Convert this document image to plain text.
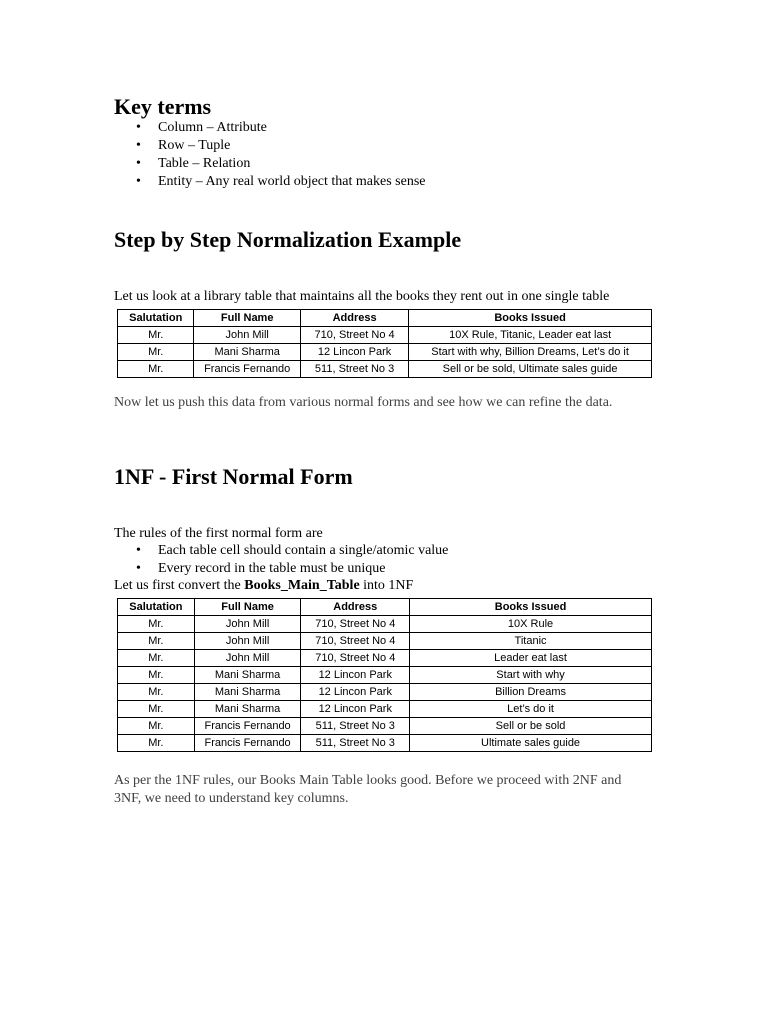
Key terms
• Column – Attribute
• Row – Tuple
• Table – Relation
• Entity – Any real world object that makes sense
Step by Step Normalization Example

Let us look at a library table that maintains all the books they rent out in one single table

Salutation	Full Name	Address	Books Issued
Mr.	John Mill	710, Street No 4	10X Rule, Titanic, Leader eat last
Mr.	Mani Sharma	12 Lincon Park	Start with why, Billion Dreams, Let’s do it
Mr.	Francis Fernando	511, Street No 3	Sell or be sold, Ultimate sales guide

Now let us push this data from various normal forms and see how we can refine the data.

1NF - First Normal Form

The rules of the first normal form are

• Each table cell should contain a single/atomic value
• Every record in the table must be unique

Let us first convert the Books_Main_Table into 1NF

Salutation	Full Name	Address	Books Issued
Mr.	John Mill	710, Street No 4	10X Rule
Mr.	John Mill	710, Street No 4	Titanic
Mr.	John Mill	710, Street No 4	Leader eat last
Mr.	Mani Sharma	12 Lincon Park	Start with why
Mr.	Mani Sharma	12 Lincon Park	Billion Dreams
Mr.	Mani Sharma	12 Lincon Park	Let’s do it
Mr.	Francis Fernando	511, Street No 3	Sell or be sold
Mr.	Francis Fernando	511, Street No 3	Ultimate sales guide

As per the 1NF rules, our Books Main Table looks good. Before we proceed with 2NF and 3NF, we need to understand key columns.
